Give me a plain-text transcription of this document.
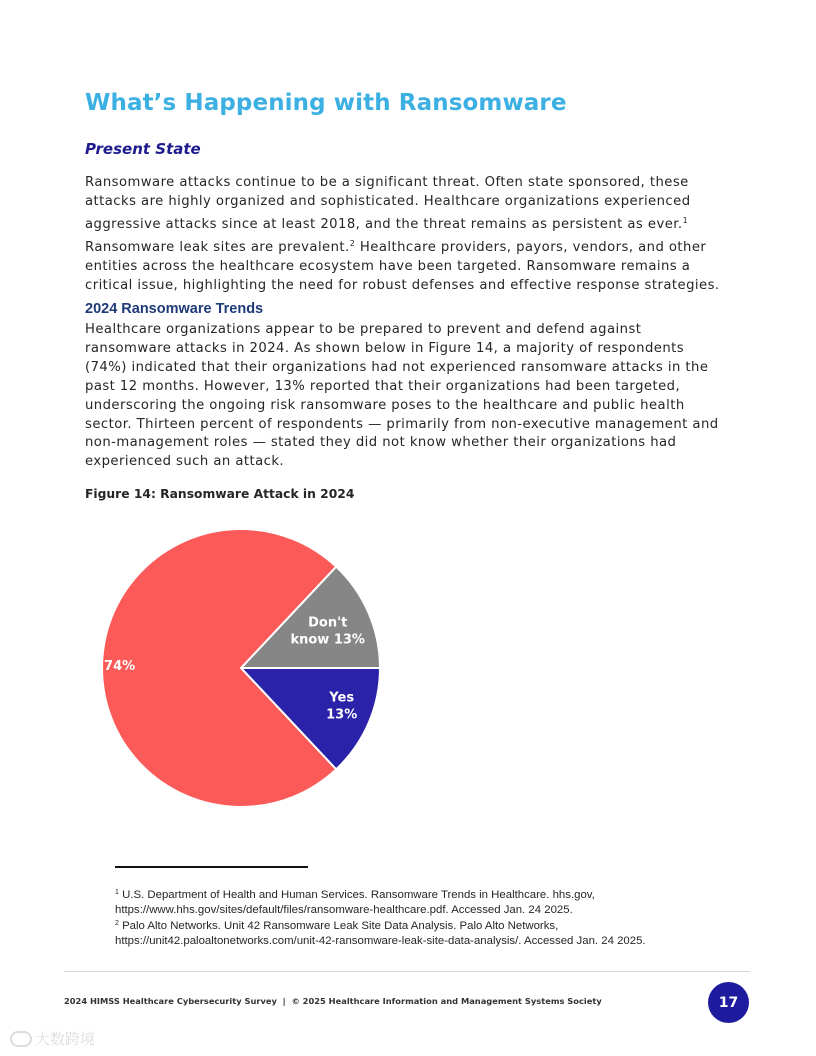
What’s Happening with Ransomware
Present State

Ransomware attacks continue to be a significant threat. Often state sponsored, these attacks are highly organized and sophisticated. Healthcare organizations experienced aggressive attacks since at least 2018, and the threat remains as persistent as ever.$^1$ Ransomware leak sites are prevalent.$^2$ Healthcare providers, payors, vendors, and other entities across the healthcare ecosystem have been targeted. Ransomware remains a critical issue, highlighting the need for robust defenses and effective response strategies.

2024 Ransomware Trends

Healthcare organizations appear to be prepared to prevent and defend against ransomware attacks in 2024. As shown below in Figure 14, a majority of respondents (74%) indicated that their organizations had not experienced ransomware attacks in the past 12 months. However, 13% reported that their organizations had been targeted, underscoring the ongoing risk ransomware poses to the healthcare and public health sector. Thirteen percent of respondents — primarily from non-executive management and non-management roles — stated they did not know whether their organizations had experienced such an attack.

Figure 14: Ransomware Attack in 2024
Don't know 13%
Yes 13%
No 74%

$^1$ U.S. Department of Health and Human Services. Ransomware Trends in Healthcare. hhs.gov, https://www.hhs.gov/sites/default/files/ransomware-healthcare.pdf. Accessed Jan. 24 2025.

$^2$ Palo Alto Networks. Unit 42 Ransomware Leak Site Data Analysis. Palo Alto Networks, https://unit42.paloaltonetworks.com/unit-42-ransomware-leak-site-data-analysis/. Accessed Jan. 24 2025.

2024 HIMSS Healthcare Cybersecurity Survey  |  © 2025 Healthcare Information and Management Systems Society	17
大数跨境
